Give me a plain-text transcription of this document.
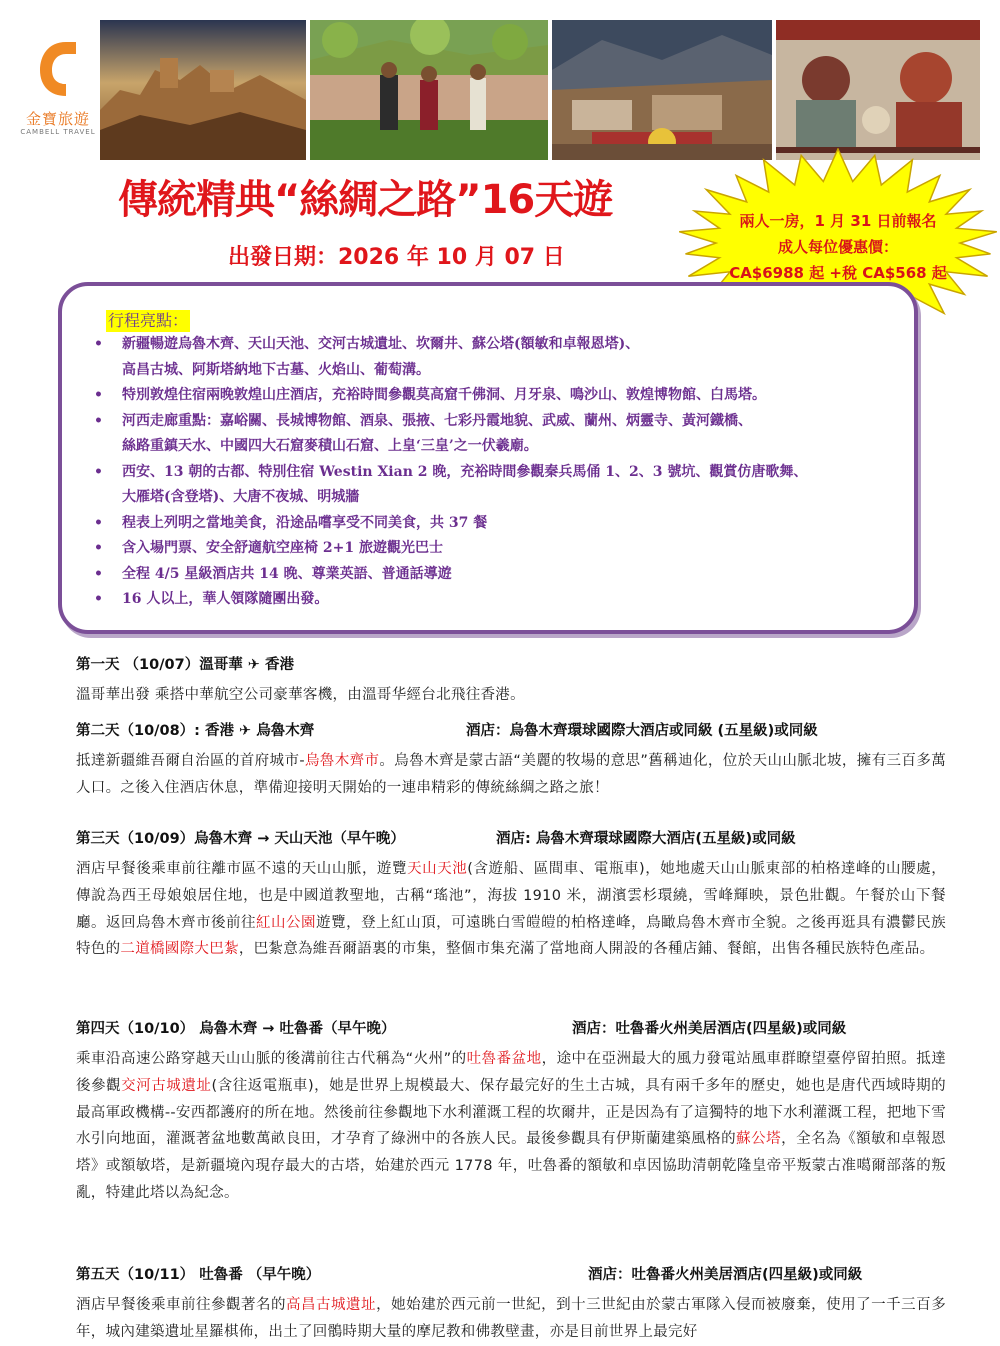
金寶旅遊
CAMBELL TRAVEL
傳統精典“絲綢之路”16天遊
出發日期：2026 年 10 月 07 日
兩人一房，1 月 31 日前報名
成人每位優惠價：
CA$6988 起 +稅 CA$568 起
行程亮點：
• 新疆暢遊烏魯木齊、天山天池、交河古城遺址、坎爾井、蘇公塔(額敏和卓報恩塔)、
高昌古城、阿斯塔納地下古墓、火焰山、葡萄溝。
• 特別敦煌住宿兩晚敦煌山庄酒店，充裕時間參觀莫高窟千佛洞、月牙泉、鳴沙山、敦煌博物館、白馬塔。
• 河西走廊重點：嘉峪關、長城博物館、酒泉、張掖、七彩丹霞地貌、武威、蘭州、炳靈寺、黃河鐵橋、
絲路重鎮天水、中國四大石窟麥積山石窟、上皇‘三皇’之一伏羲廟。
• 西安、13 朝的古都、特別住宿 Westin Xian 2 晚，充裕時間參觀秦兵馬俑 1、2、3 號坑、觀賞仿唐歌舞、
大雁塔(含登塔)、大唐不夜城、明城牆
• 程表上列明之當地美食，沿途品嚐享受不同美食，共 37 餐
• 含入場門票、安全舒適航空座椅 2+1 旅遊觀光巴士
• 全程 4/5 星級酒店共 14 晚、尊業英語、普通話導遊
• 16 人以上，華人領隊隨團出發。
第一天 （10/07）溫哥華 ✈ 香港

溫哥華出發 乘搭中華航空公司豪華客機，由溫哥华經台北飛往香港。

第二天（10/08）: 香港 ✈ 烏魯木齊	酒店：烏魯木齊環球國際大酒店或同級 (五星級)或同級

抵達新疆維吾爾自治區的首府城市-烏魯木齊市。烏魯木齊是蒙古語“美麗的牧場的意思”舊稱迪化，位於天山山脈北坡，擁有三百多萬人口。之後入住酒店休息，準備迎接明天開始的一連串精彩的傳統絲綢之路之旅！

第三天（10/09）烏魯木齊 → 天山天池（早午晚）	酒店: 烏魯木齊環球國際大酒店(五星級)或同級

酒店早餐後乘車前往離市區不遠的天山山脈，遊覽天山天池(含遊船、區間車、電瓶車)，她地處天山山脈東部的柏格達峰的山腰處，傳說為西王母娘娘居住地，也是中國道教聖地，古稱“瑤池”，海拔 1910 米，湖濱雲杉環繞，雪峰輝映，景色壯觀。午餐於山下餐廳。返回烏魯木齊市後前往紅山公園遊覽，登上紅山頂，可遠眺白雪皚皚的柏格達峰，鳥瞰烏魯木齊市全貌。之後再逛具有濃鬱民族特色的二道橋國際大巴紮，巴紮意為維吾爾語裏的市集，整個市集充滿了當地商人開設的各種店鋪、餐館，出售各種民族特色產品。

第四天（10/10） 烏魯木齊 → 吐魯番（早午晚）	酒店：吐魯番火州美居酒店(四星級)或同級

乘車沿高速公路穿越天山山脈的後溝前往古代稱為“火州”的吐魯番盆地，途中在亞洲最大的風力發電站風車群瞭望臺停留拍照。抵達後參觀交河古城遺址(含往返電瓶車)，她是世界上規模最大、保存最完好的生土古城，具有兩千多年的歷史，她也是唐代西域時期的最高軍政機構--安西都護府的所在地。然後前往參觀地下水利灌溉工程的坎爾井，正是因為有了這獨特的地下水利灌溉工程，把地下雪水引向地面，灌溉著盆地數萬畝良田，才孕育了綠洲中的各族人民。最後參觀具有伊斯蘭建築風格的蘇公塔，全名為《額敏和卓報恩塔》或額敏塔，是新疆境內現存最大的古塔，始建於西元 1778 年，吐魯番的額敏和卓因協助清朝乾隆皇帝平叛蒙古准噶爾部落的叛亂，特建此塔以為紀念。

第五天（10/11） 吐魯番 （早午晚）	酒店：吐魯番火州美居酒店(四星級)或同級

酒店早餐後乘車前往參觀著名的高昌古城遺址，她始建於西元前一世紀，到十三世紀由於蒙古軍隊入侵而被廢棄，使用了一千三百多年，城內建築遺址星羅棋佈，出土了回鶻時期大量的摩尼教和佛教壁畫，亦是目前世界上最完好
